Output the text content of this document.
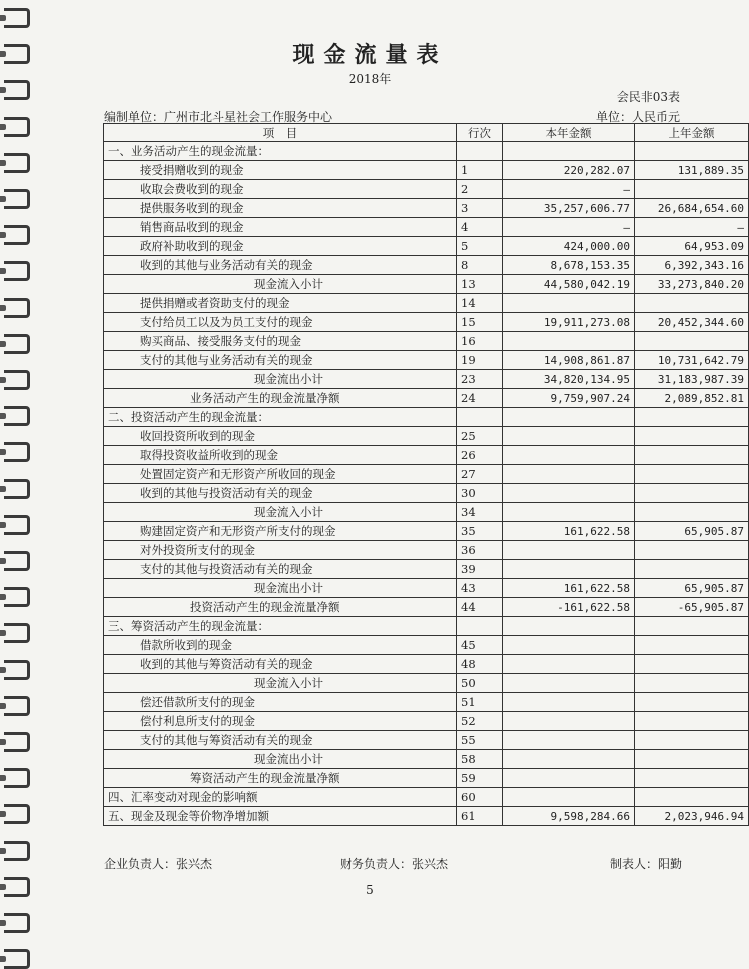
现金流量表
2018年
会民非03表
编制单位：广州市北斗星社会工作服务中心	单位：人民币元
项　目	行次	本年金额	上年金额
一、业务活动产生的现金流量：			
接受捐赠收到的现金	1	220,282.07	131,889.35
收取会费收到的现金	2	–	
提供服务收到的现金	3	35,257,606.77	26,684,654.60
销售商品收到的现金	4	–	–
政府补助收到的现金	5	424,000.00	64,953.09
收到的其他与业务活动有关的现金	8	8,678,153.35	6,392,343.16
现金流入小计	13	44,580,042.19	33,273,840.20
提供捐赠或者资助支付的现金	14		
支付给员工以及为员工支付的现金	15	19,911,273.08	20,452,344.60
购买商品、接受服务支付的现金	16		
支付的其他与业务活动有关的现金	19	14,908,861.87	10,731,642.79
现金流出小计	23	34,820,134.95	31,183,987.39
业务活动产生的现金流量净额	24	9,759,907.24	2,089,852.81
二、投资活动产生的现金流量：			
收回投资所收到的现金	25		
取得投资收益所收到的现金	26		
处置固定资产和无形资产所收回的现金	27		
收到的其他与投资活动有关的现金	30		
现金流入小计	34		
购建固定资产和无形资产所支付的现金	35	161,622.58	65,905.87
对外投资所支付的现金	36		
支付的其他与投资活动有关的现金	39		
现金流出小计	43	161,622.58	65,905.87
投资活动产生的现金流量净额	44	-161,622.58	-65,905.87
三、筹资活动产生的现金流量：			
借款所收到的现金	45		
收到的其他与筹资活动有关的现金	48		
现金流入小计	50		
偿还借款所支付的现金	51		
偿付利息所支付的现金	52		
支付的其他与筹资活动有关的现金	55		
现金流出小计	58		
筹资活动产生的现金流量净额	59		
四、汇率变动对现金的影响额	60		
五、现金及现金等价物净增加额	61	9,598,284.66	2,023,946.94
企业负责人：张兴杰	财务负责人：张兴杰	制表人：阳勤
5
